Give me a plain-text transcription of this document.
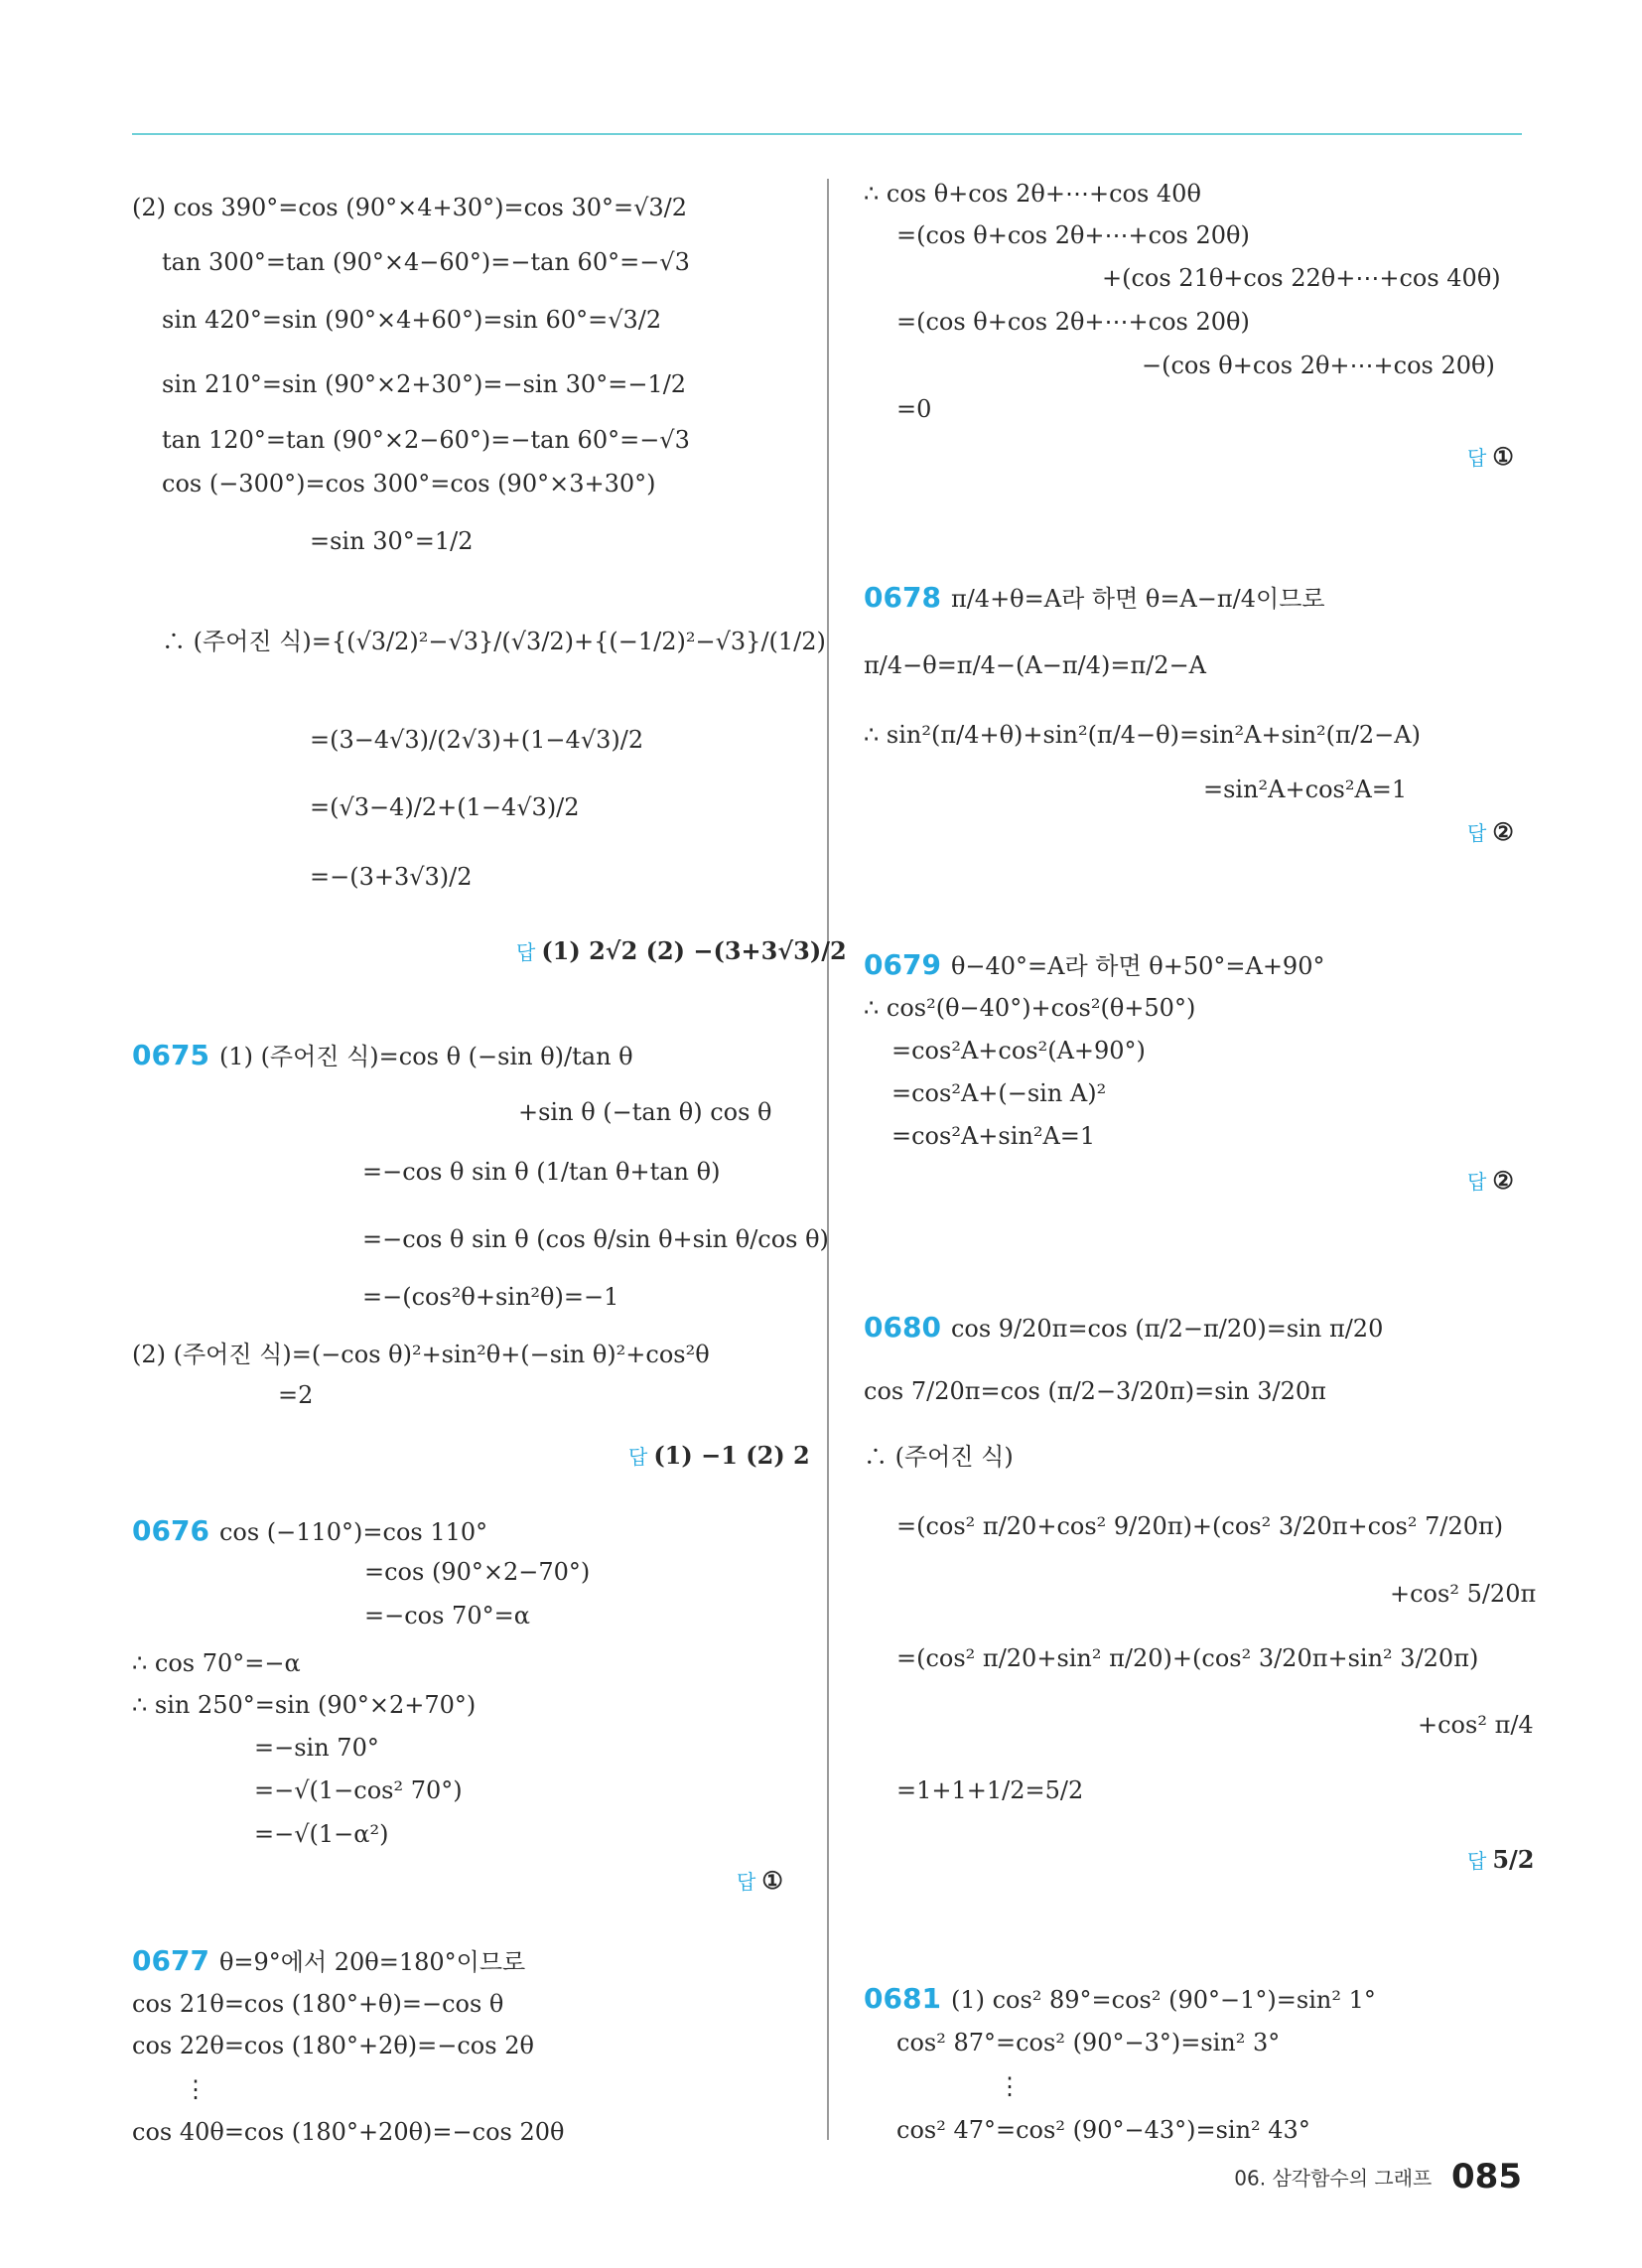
(2) cos 390°=cos (90°×4+30°)=cos 30°=√3/2
tan 300°=tan (90°×4−60°)=−tan 60°=−√3
sin 420°=sin (90°×4+60°)=sin 60°=√3/2
sin 210°=sin (90°×2+30°)=−sin 30°=−1/2
tan 120°=tan (90°×2−60°)=−tan 60°=−√3
cos (−300°)=cos 300°=cos (90°×3+30°)
=sin 30°=1/2
∴ (주어진 식)={(√3/2)²−√3}/(√3/2)+{(−1/2)²−√3}/(1/2)
=(3−4√3)/(2√3)+(1−4√3)/2
=(√3−4)/2+(1−4√3)/2
=−(3+3√3)/2
0675 (1) (주어진 식)=cos θ (−sin θ)/tan θ
+sin θ (−tan θ) cos θ
=−cos θ sin θ (1/tan θ+tan θ)
=−cos θ sin θ (cos θ/sin θ+sin θ/cos θ)
=−(cos²θ+sin²θ)=−1
(2) (주어진 식)=(−cos θ)²+sin²θ+(−sin θ)²+cos²θ
=2
0676 cos (−110°)=cos 110°
=cos (90°×2−70°)
=−cos 70°=α
∴ cos 70°=−α
∴ sin 250°=sin (90°×2+70°)
=−sin 70°
=−√(1−cos² 70°)
=−√(1−α²)
0677 θ=9°에서 20θ=180°이므로
cos 21θ=cos (180°+θ)=−cos θ
cos 22θ=cos (180°+2θ)=−cos 2θ
⋮
cos 40θ=cos (180°+20θ)=−cos 20θ
∴ cos θ+cos 2θ+⋯+cos 40θ
=(cos θ+cos 2θ+⋯+cos 20θ)
+(cos 21θ+cos 22θ+⋯+cos 40θ)
=(cos θ+cos 2θ+⋯+cos 20θ)
−(cos θ+cos 2θ+⋯+cos 20θ)
=0
0678 π/4+θ=A라 하면 θ=A−π/4이므로
π/4−θ=π/4−(A−π/4)=π/2−A
∴ sin²(π/4+θ)+sin²(π/4−θ)=sin²A+sin²(π/2−A)
=sin²A+cos²A=1
0679 θ−40°=A라 하면 θ+50°=A+90°
∴ cos²(θ−40°)+cos²(θ+50°)
=cos²A+cos²(A+90°)
=cos²A+(−sin A)²
=cos²A+sin²A=1
0680 cos 9/20π=cos (π/2−π/20)=sin π/20
cos 7/20π=cos (π/2−3/20π)=sin 3/20π
∴ (주어진 식)
=(cos² π/20+cos² 9/20π)+(cos² 3/20π+cos² 7/20π)
+cos² 5/20π
=(cos² π/20+sin² π/20)+(cos² 3/20π+sin² 3/20π)
+cos² π/4
=1+1+1/2=5/2
0681 (1) cos² 89°=cos² (90°−1°)=sin² 1°
cos² 87°=cos² (90°−3°)=sin² 3°
⋮
cos² 47°=cos² (90°−43°)=sin² 43°
답 (1) 2√2 (2) −(3+3√3)/2
답 (1) −1 (2) 2
답 ①
답 ①
답 ②
답 ②
답 5/2
06. 삼각함수의 그래프 085
